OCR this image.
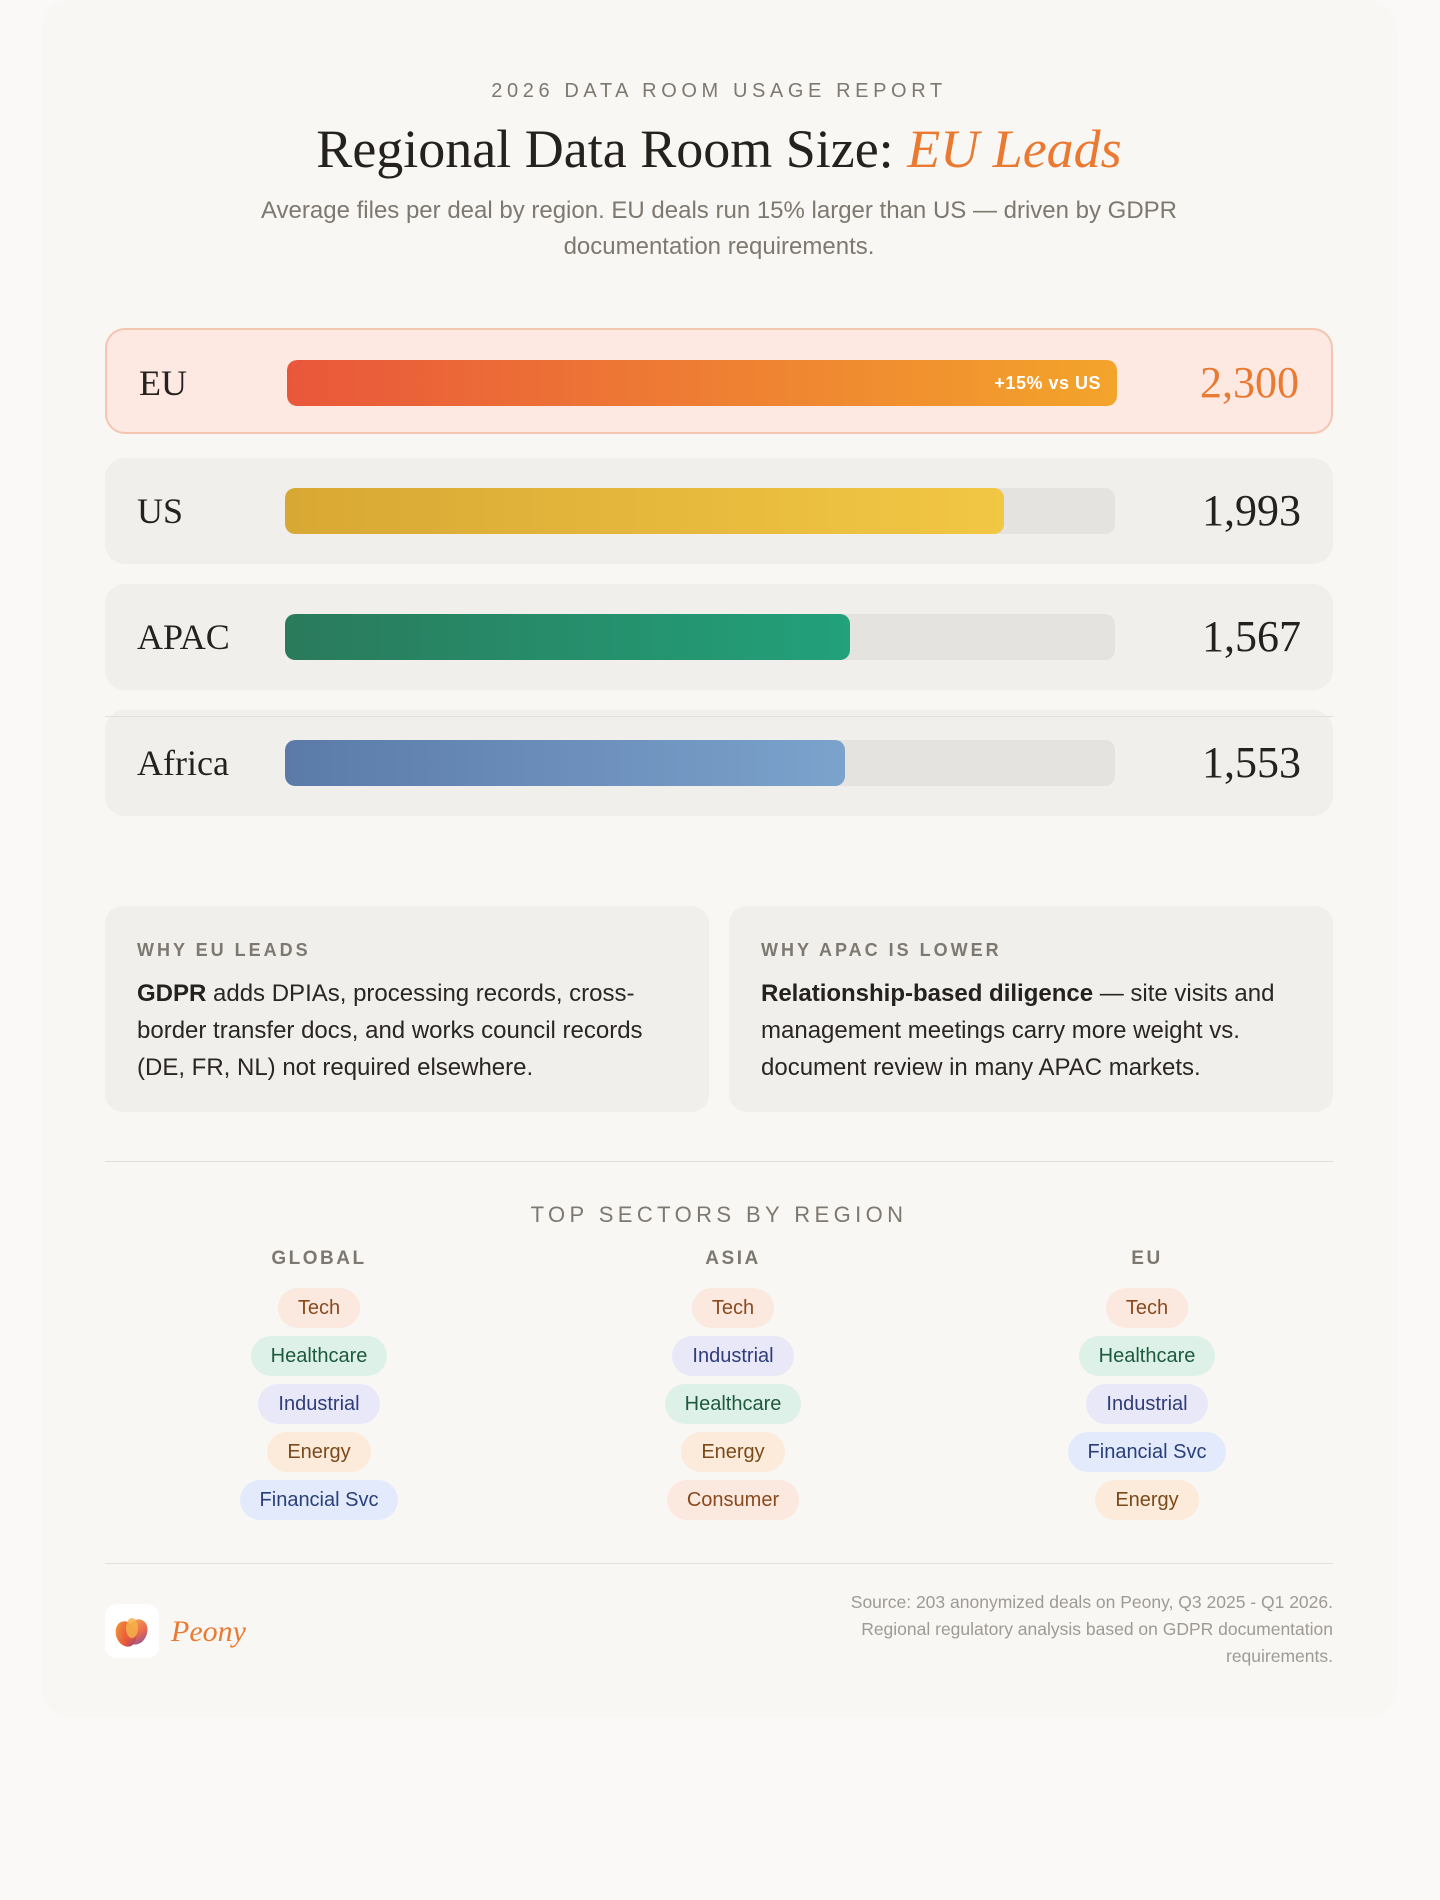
2026 DATA ROOM USAGE REPORT
Regional Data Room Size: EU Leads
Average files per deal by region. EU deals run 15% larger than US — driven by GDPR documentation requirements.
EU	+15% vs US 2,300
US	1,993
APAC	1,567
Africa	1,553
WHY EU LEADS
GDPR adds DPIAs, processing records, cross-border transfer docs, and works council records (DE, FR, NL) not required elsewhere.
WHY APAC IS LOWER
Relationship-based diligence — site visits and management meetings carry more weight vs. document review in many APAC markets.
TOP SECTORS BY REGION
GLOBAL
Tech
Healthcare
Industrial
Energy
Financial Svc
ASIA
Tech
Industrial
Healthcare
Energy
Consumer
EU
Tech
Healthcare
Industrial
Financial Svc
Energy
Peony
Source: 203 anonymized deals on Peony, Q3 2025 - Q1 2026.
Regional regulatory analysis based on GDPR documentation requirements.
